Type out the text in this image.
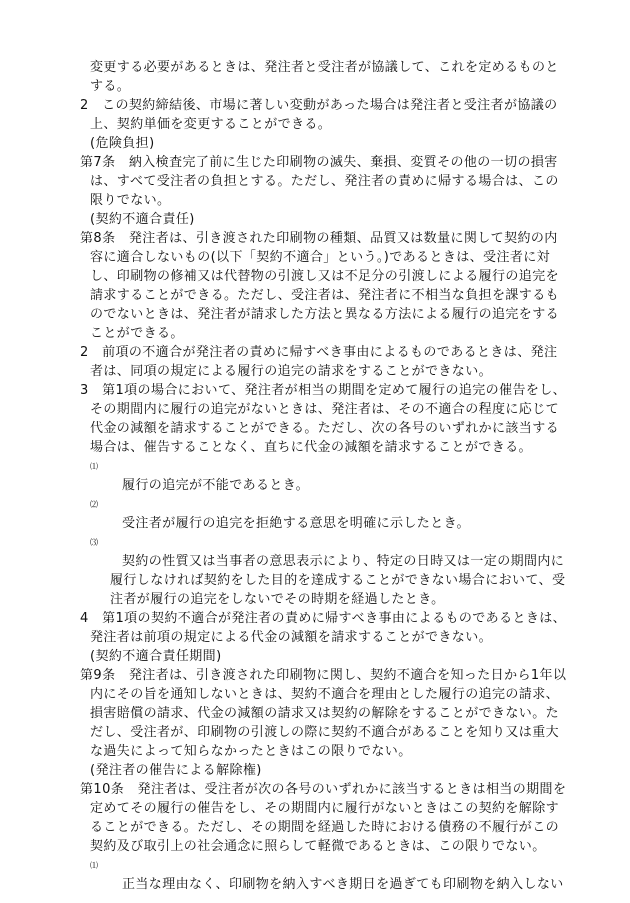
変更する必要があるときは、発注者と受注者が協議して、これを定めるものと
する。
2　この契約締結後、市場に著しい変動があった場合は発注者と受注者が協議の
上、契約単価を変更することができる。
(危険負担)
第7条　納入検査完了前に生じた印刷物の滅失、棄損、変質その他の一切の損害
は、すべて受注者の負担とする。ただし、発注者の責めに帰する場合は、この
限りでない。
(契約不適合責任)
第8条　発注者は、引き渡された印刷物の種類、品質又は数量に関して契約の内
容に適合しないもの(以下「契約不適合」という。)であるときは、受注者に対
し、印刷物の修補又は代替物の引渡し又は不足分の引渡しによる履行の追完を
請求することができる。ただし、受注者は、発注者に不相当な負担を課するも
のでないときは、発注者が請求した方法と異なる方法による履行の追完をする
ことができる。
2　前項の不適合が発注者の責めに帰すべき事由によるものであるときは、発注
者は、同項の規定による履行の追完の請求をすることができない。
3　第1項の場合において、発注者が相当の期間を定めて履行の追完の催告をし、
その期間内に履行の追完がないときは、発注者は、その不適合の程度に応じて
代金の減額を請求することができる。ただし、次の各号のいずれかに該当する
場合は、催告することなく、直ちに代金の減額を請求することができる。
⑴
履行の追完が不能であるとき。
⑵
受注者が履行の追完を拒絶する意思を明確に示したとき。
⑶
契約の性質又は当事者の意思表示により、特定の日時又は一定の期間内に
履行しなければ契約をした目的を達成することができない場合において、受
注者が履行の追完をしないでその時期を経過したとき。
4　第1項の契約不適合が発注者の責めに帰すべき事由によるものであるときは、
発注者は前項の規定による代金の減額を請求することができない。
(契約不適合責任期間)
第9条　発注者は、引き渡された印刷物に関し、契約不適合を知った日から1年以
内にその旨を通知しないときは、契約不適合を理由とした履行の追完の請求、
損害賠償の請求、代金の減額の請求又は契約の解除をすることができない。た
だし、受注者が、印刷物の引渡しの際に契約不適合があることを知り又は重大
な過失によって知らなかったときはこの限りでない。
(発注者の催告による解除権)
第10条　発注者は、受注者が次の各号のいずれかに該当するときは相当の期間を
定めてその履行の催告をし、その期間内に履行がないときはこの契約を解除す
ることができる。ただし、その期間を経過した時における債務の不履行がこの
契約及び取引上の社会通念に照らして軽微であるときは、この限りでない。
⑴
正当な理由なく、印刷物を納入すべき期日を過ぎても印刷物を納入しない
